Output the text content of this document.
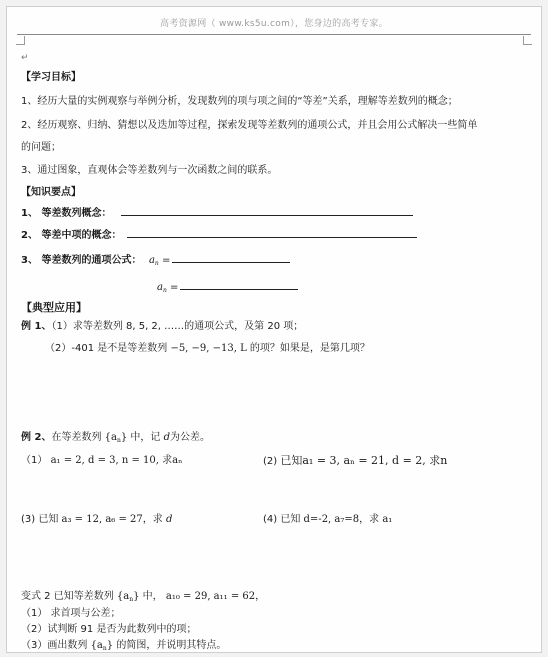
高考资源网（ www.ks5u.com），您身边的高考专家。
↵
【学习目标】
1、经历大量的实例观察与举例分析，发现数列的项与项之间的“等差”关系，理解等差数列的概念；
2、经历观察、归纳、猜想以及迭加等过程，探索发现等差数列的通项公式，并且会用公式解决一些简单
的问题；
3、通过图象，直观体会等差数列与一次函数之间的联系。
【知识要点】
1、 等差数列概念：
2、 等差中项的概念：
3、 等差数列的通项公式： $a_n$ =
$a_n$ =
【典型应用】
例 1、（1）求等差数列 8, 5, 2, ……的通项公式，及第 20 项；
（2）-401 是不是等差数列 −5, −9, −13, L 的项？如果是，是第几项？
例 2、在等差数列 $\{a_n\}$ 中，记 d为公差。
（1） a₁ = 2, d = 3, n = 10, 求aₙ	(2) 已知a₁ = 3, aₙ = 21, d = 2, 求n
(3) 已知 a₃ = 12, a₆ = 27，求 d	(4) 已知 d=-2, a₇=8，求 a₁
变式 2 已知等差数列 $\{a_n\}$ 中， a₁₀ = 29, a₁₁ = 62，
（1） 求首项与公差；
（2）试判断 91 是否为此数列中的项；
（3）画出数列 $\{a_n\}$ 的简图，并说明其特点。
